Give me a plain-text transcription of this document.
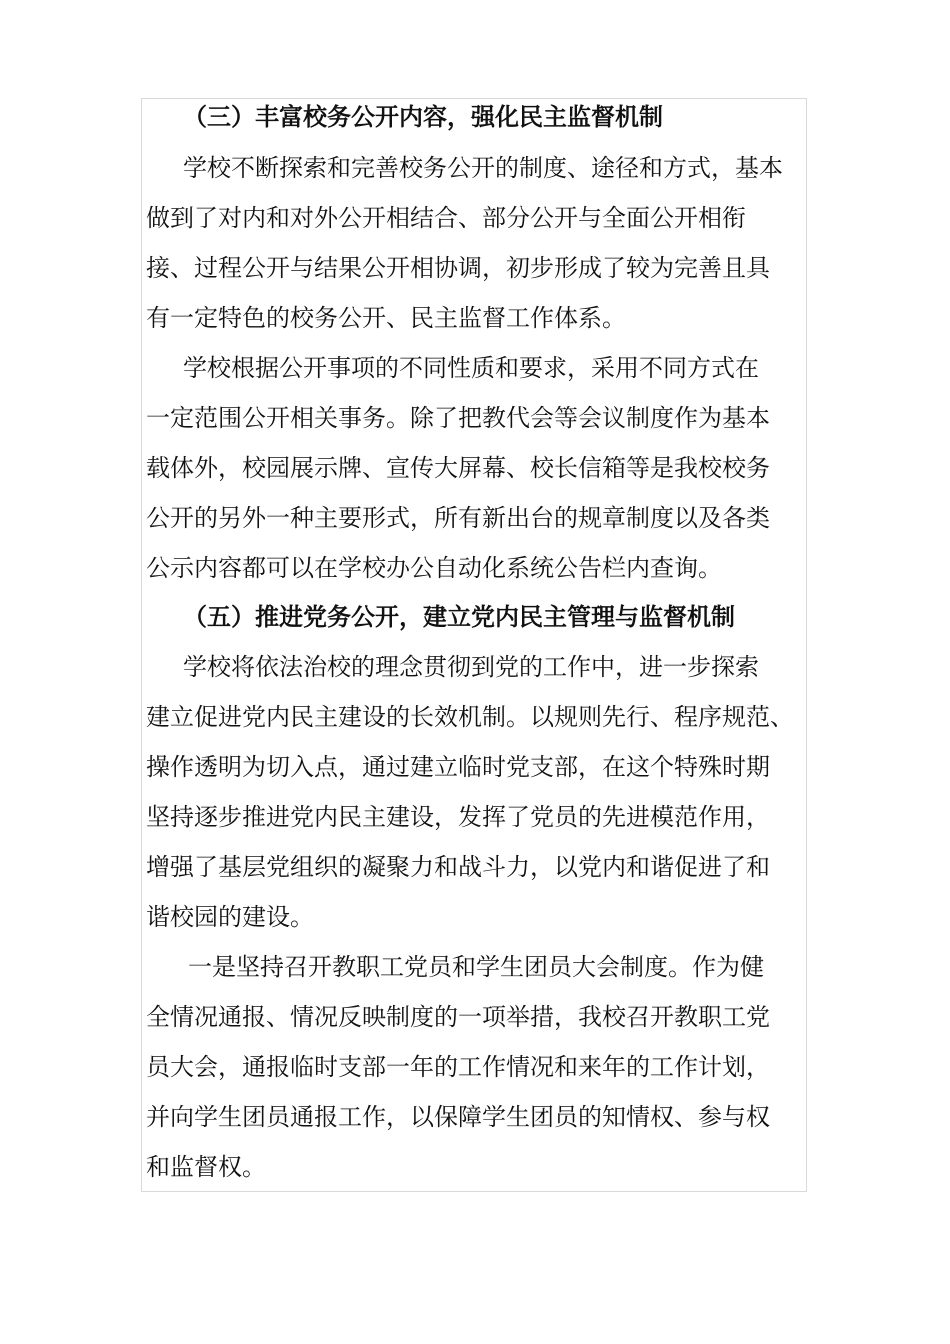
（三）丰富校务公开内容，强化民主监督机制
学校不断探索和完善校务公开的制度、途径和方式，基本
做到了对内和对外公开相结合、部分公开与全面公开相衔
接、过程公开与结果公开相协调，初步形成了较为完善且具
有一定特色的校务公开、民主监督工作体系。
学校根据公开事项的不同性质和要求，采用不同方式在
一定范围公开相关事务。除了把教代会等会议制度作为基本
载体外，校园展示牌、宣传大屏幕、校长信箱等是我校校务
公开的另外一种主要形式，所有新出台的规章制度以及各类
公示内容都可以在学校办公自动化系统公告栏内查询。
（五）推进党务公开，建立党内民主管理与监督机制
学校将依法治校的理念贯彻到党的工作中，进一步探索
建立促进党内民主建设的长效机制。以规则先行、程序规范、
操作透明为切入点，通过建立临时党支部，在这个特殊时期
坚持逐步推进党内民主建设，发挥了党员的先进模范作用，
增强了基层党组织的凝聚力和战斗力，以党内和谐促进了和
谐校园的建设。
一是坚持召开教职工党员和学生团员大会制度。作为健
全情况通报、情况反映制度的一项举措，我校召开教职工党
员大会，通报临时支部一年的工作情况和来年的工作计划，
并向学生团员通报工作，以保障学生团员的知情权、参与权
和监督权。
